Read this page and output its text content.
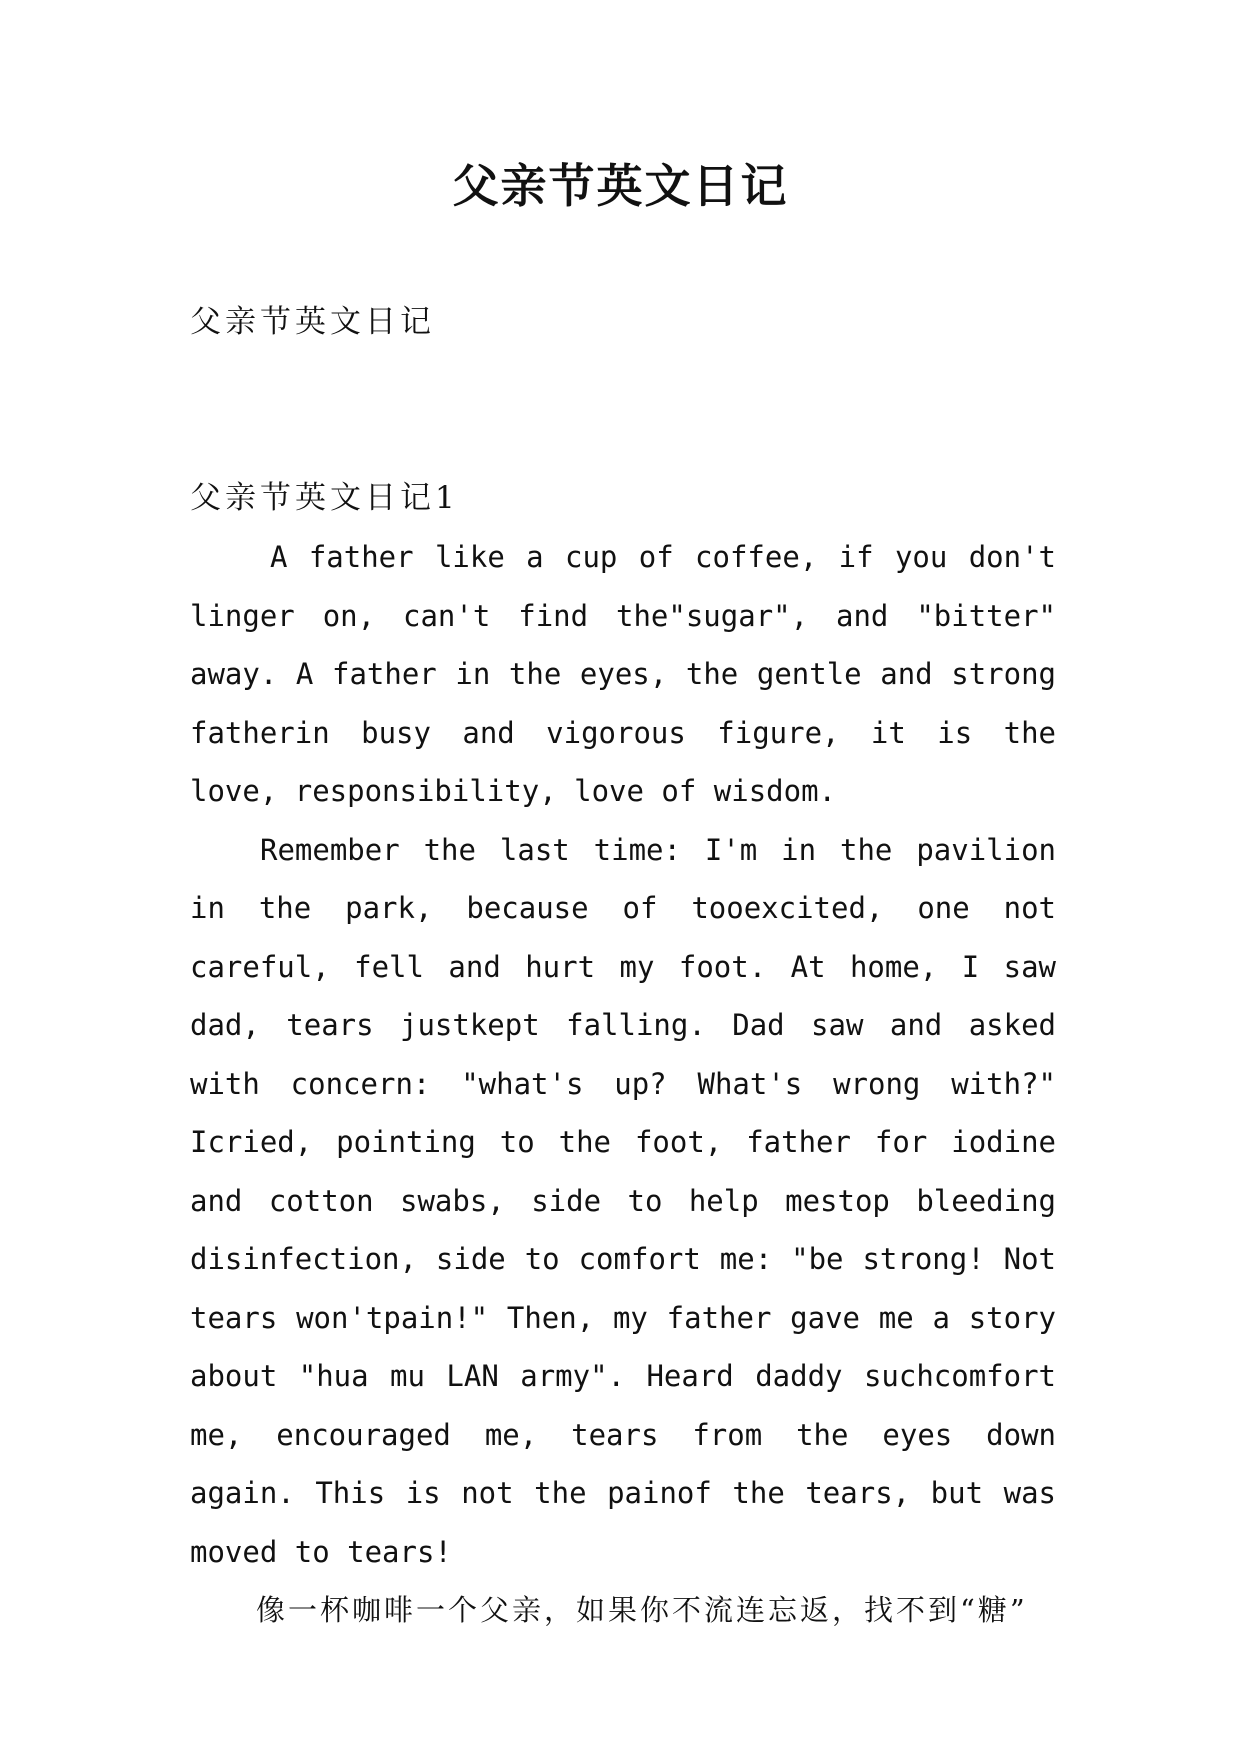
父亲节英文日记
父亲节英文日记
父亲节英文日记1

A father like a cup of coffee, if you don't linger on, can't find the"sugar", and "bitter" away. A father in the eyes, the gentle and strong fatherin busy and vigorous figure, it is the love, responsibility, love of wisdom.

Remember the last time: I'm in the pavilion in the park, because of tooexcited, one not careful, fell and hurt my foot. At home, I saw dad, tears justkept falling. Dad saw and asked with concern: "what's up? What's wrong with?" Icried, pointing to the foot, father for iodine and cotton swabs, side to help mestop bleeding disinfection, side to comfort me: "be strong! Not tears won'tpain!" Then, my father gave me a story about "hua mu LAN army". Heard daddy suchcomfort me, encouraged me, tears from the eyes down again. This is not the painof the tears, but was moved to tears!

像一杯咖啡一个父亲，如果你不流连忘返，找不到“糖”
